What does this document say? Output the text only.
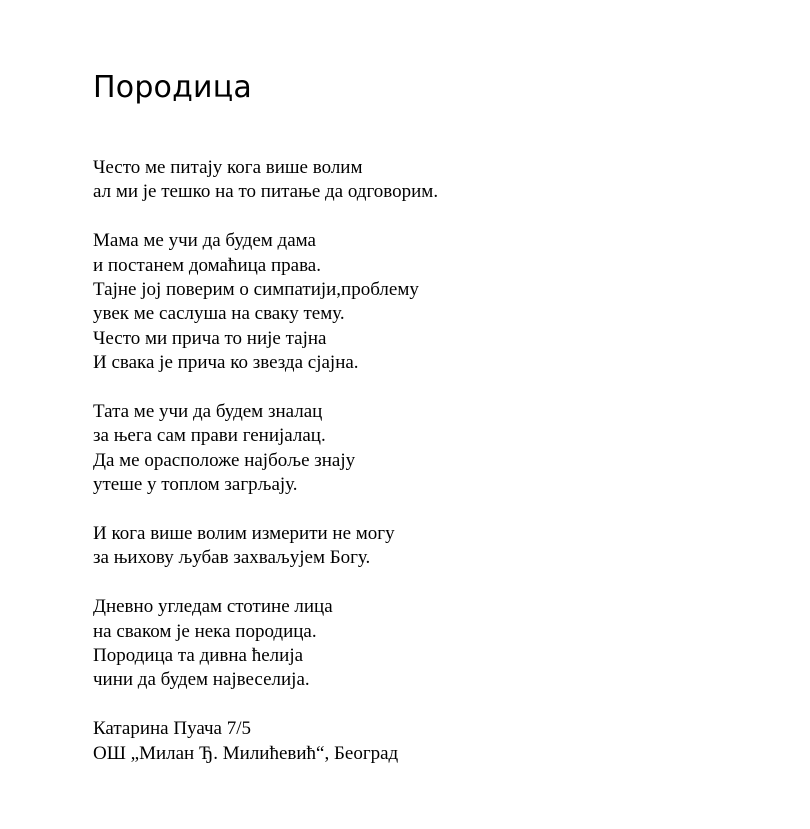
Породица
Често ме питају кога више волим
ал ми је тешко на то питање да одговорим.
Мама ме учи да будем дама
и постанем домаћица права.
Тајне јој поверим о симпатији,проблему
увек ме саслуша на сваку тему.
Често ми прича то није тајна
И свака је прича ко звезда сјајна.
Тата ме учи да будем зналац
за њега сам прави генијалац.
Да ме орасположе најбоље знају
утеше у топлом загрљају.
И кога више волим измерити не могу
за њихову љубав захваљујем Богу.
Дневно угледам стотине лица
на сваком је нека породица.
Породица та дивна ћелија
чини да будем највеселија.
Катарина Пуача 7/5
ОШ „Милан Ђ. Милићевић“, Београд
